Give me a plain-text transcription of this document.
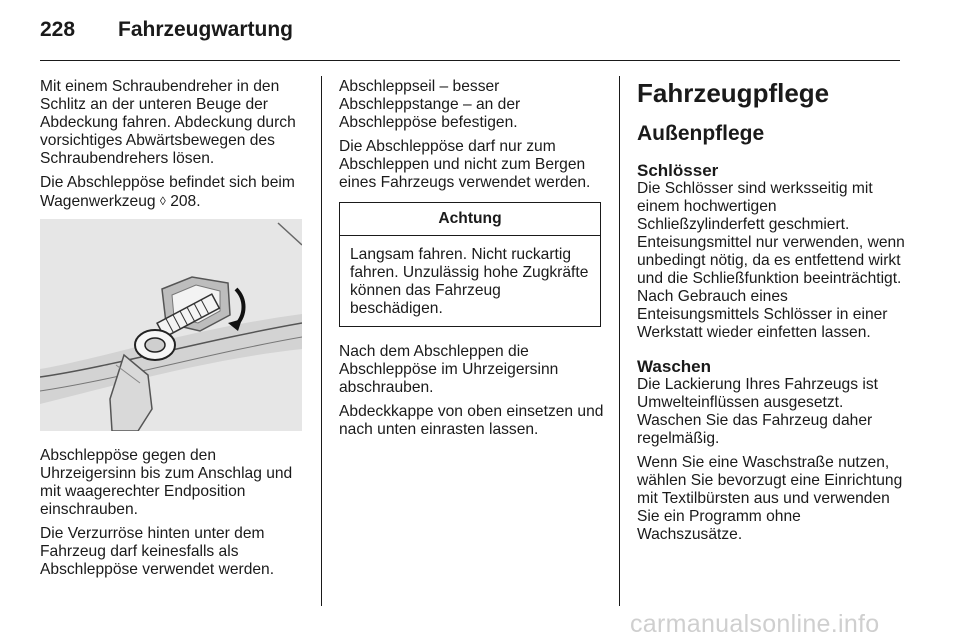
228	Fahrzeugwartung

Mit einem Schraubendreher in den Schlitz an der unteren Beuge der Abdeckung fahren. Abdeckung durch vorsichtiges Abwärtsbewegen des Schraubendrehers lösen.

Die Abschleppöse befindet sich beim Wagenwerkzeug ◊ 208.

Abschleppöse gegen den Uhrzeigersinn bis zum Anschlag und mit waagerechter Endposition einschrauben.

Die Verzurröse hinten unter dem Fahrzeug darf keinesfalls als Abschleppöse verwendet werden.

Abschleppseil – besser Abschleppstange – an der Abschleppöse befestigen.

Die Abschleppöse darf nur zum Abschleppen und nicht zum Bergen eines Fahrzeugs verwendet werden.

Achtung
Langsam fahren. Nicht ruckartig fahren. Unzulässig hohe Zugkräfte können das Fahrzeug beschädigen.

Nach dem Abschleppen die Abschleppöse im Uhrzeigersinn abschrauben.

Abdeckkappe von oben einsetzen und nach unten einrasten lassen.

Fahrzeugpflege
Außenpflege
Schlösser

Die Schlösser sind werksseitig mit einem hochwertigen Schließzylinderfett geschmiert. Enteisungsmittel nur verwenden, wenn unbedingt nötig, da es entfettend wirkt und die Schließfunktion beeinträchtigt. Nach Gebrauch eines Enteisungsmittels Schlösser in einer Werkstatt wieder einfetten lassen.

Waschen

Die Lackierung Ihres Fahrzeugs ist Umwelteinflüssen ausgesetzt. Waschen Sie das Fahrzeug daher regelmäßig.

Wenn Sie eine Waschstraße nutzen, wählen Sie bevorzugt eine Einrichtung mit Textilbürsten aus und verwenden Sie ein Programm ohne Wachszusätze.

carmanualsonline.info
